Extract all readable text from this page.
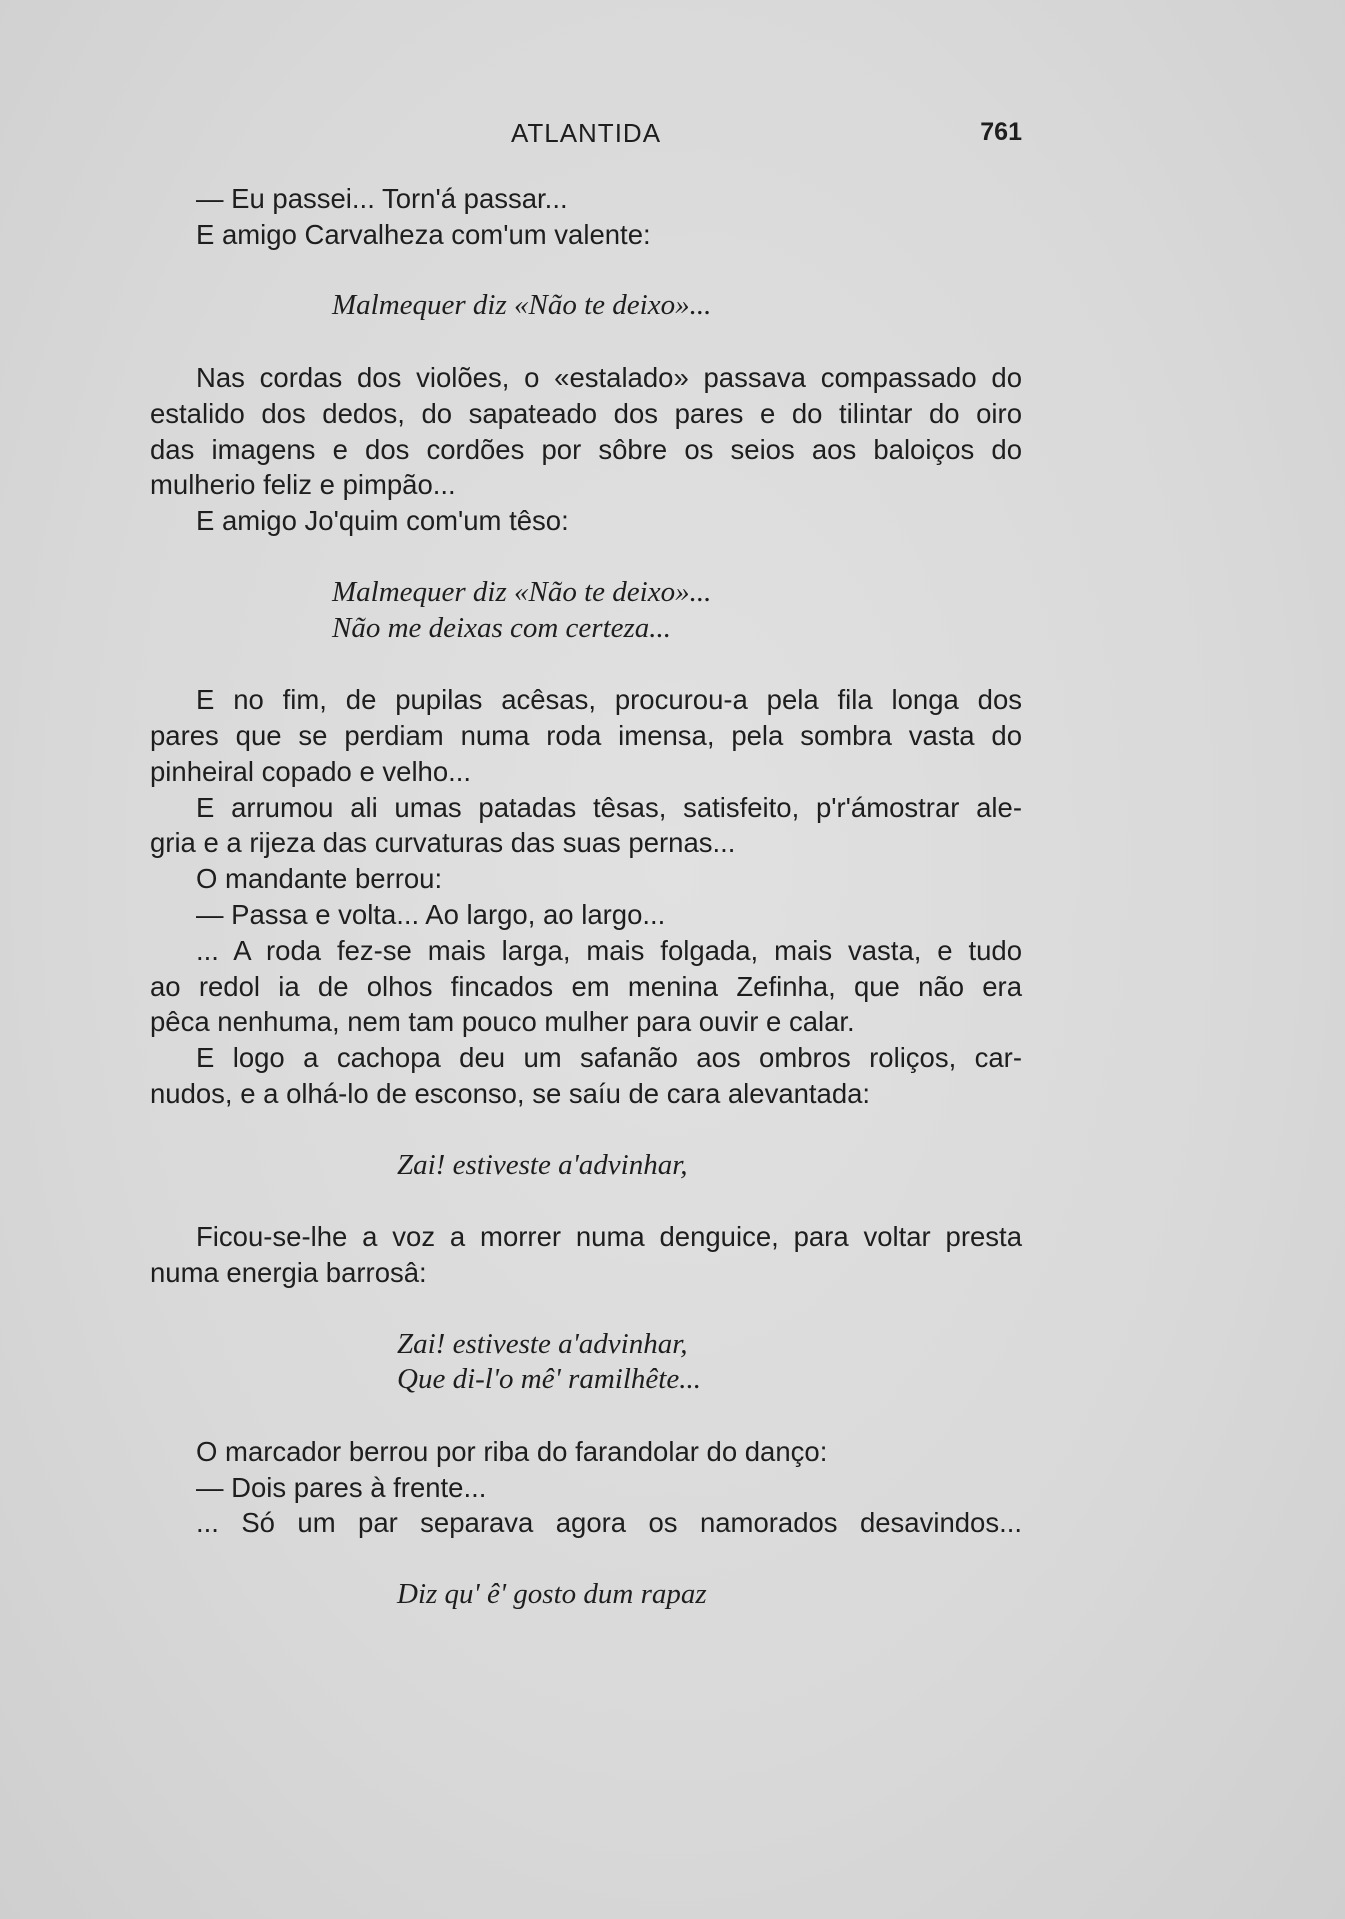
ATLANTIDA	761
— Eu passei... Torn'á passar...
E amigo Carvalheza com'um valente:
Malmequer diz «Não te deixo»...
Nas cordas dos violões, o «estalado» passava compassado do
estalido dos dedos, do sapateado dos pares e do tilintar do oiro
das imagens e dos cordões por sôbre os seios aos baloiços do
mulherio feliz e pimpão...
E amigo Jo'quim com'um têso:
Malmequer diz «Não te deixo»...
Não me deixas com certeza...
E no fim, de pupilas acêsas, procurou-a pela fila longa dos
pares que se perdiam numa roda imensa, pela sombra vasta do
pinheiral copado e velho...
E arrumou ali umas patadas têsas, satisfeito, p'r'ámostrar ale-
gria e a rijeza das curvaturas das suas pernas...
O mandante berrou:
— Passa e volta... Ao largo, ao largo...
... A roda fez-se mais larga, mais folgada, mais vasta, e tudo
ao redol ia de olhos fincados em menina Zefinha, que não era
pêca nenhuma, nem tam pouco mulher para ouvir e calar.
E logo a cachopa deu um safanão aos ombros roliços, car-
nudos, e a olhá-lo de esconso, se saíu de cara alevantada:
Zai! estiveste a'advinhar,
Ficou-se-lhe a voz a morrer numa denguice, para voltar presta
numa energia barrosâ:
Zai! estiveste a'advinhar,
Que di-l'o mê' ramilhête...
O marcador berrou por riba do farandolar do danço:
— Dois pares à frente...
... Só um par separava agora os namorados desavindos...
Diz qu' ê' gosto dum rapaz
